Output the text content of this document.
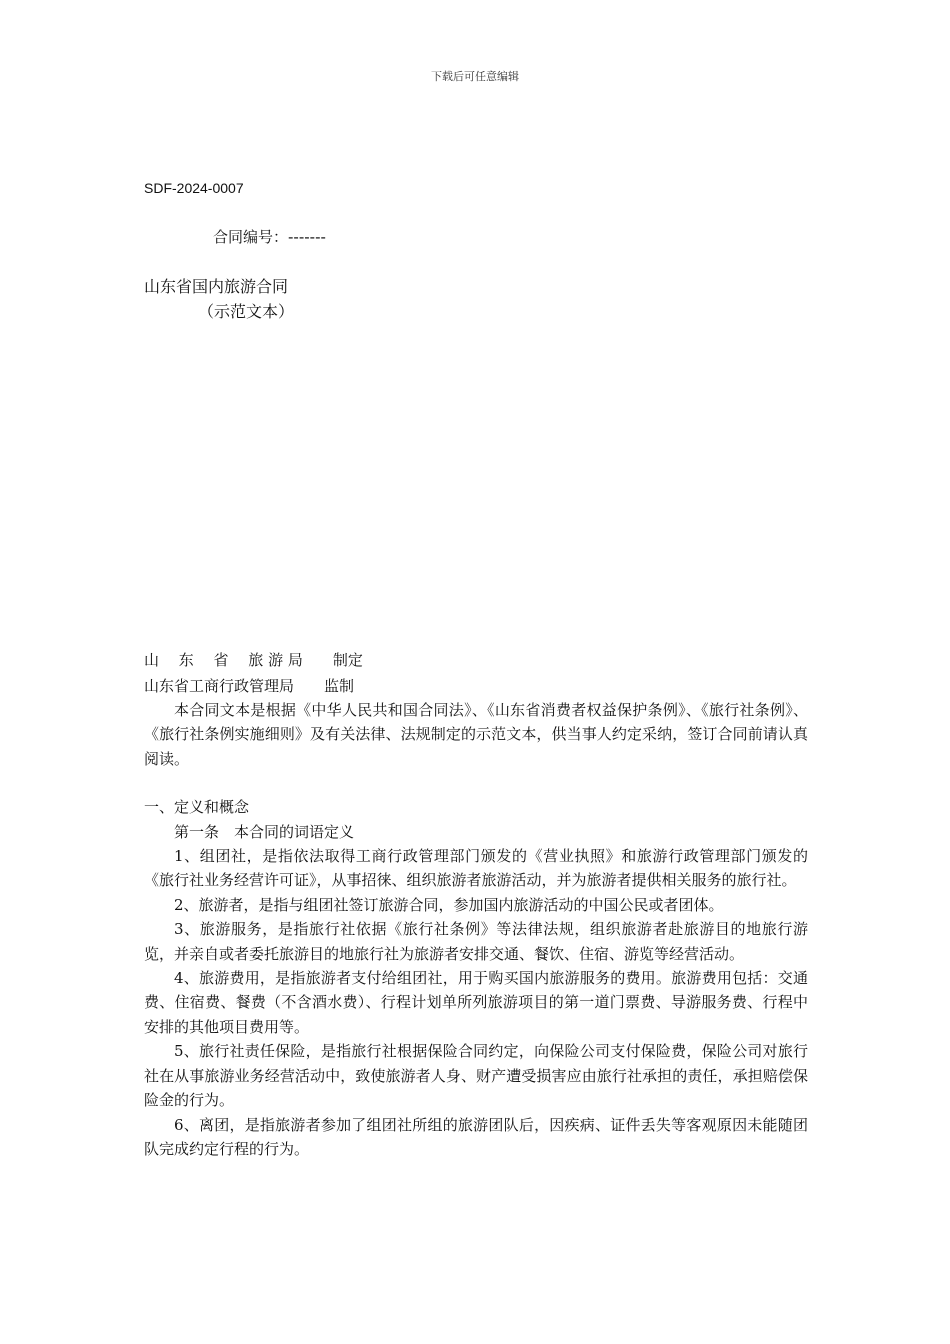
下载后可任意编辑
SDF-2024-0007
合同编号：-------
山东省国内旅游合同
（示范文本）
山　 东　 省　 旅 游 局　　制定
山东省工商行政管理局　　监制

本合同文本是根据《中华人民共和国合同法》、《山东省消费者权益保护条例》、《旅行社条例》、《旅行社条例实施细则》及有关法律、法规制定的示范文本，供当事人约定采纳，签订合同前请认真阅读。

一、定义和概念

第一条　本合同的词语定义

1、组团社，是指依法取得工商行政管理部门颁发的《营业执照》和旅游行政管理部门颁发的《旅行社业务经营许可证》，从事招徕、组织旅游者旅游活动，并为旅游者提供相关服务的旅行社。

2、旅游者，是指与组团社签订旅游合同，参加国内旅游活动的中国公民或者团体。

3、旅游服务，是指旅行社依据《旅行社条例》等法律法规，组织旅游者赴旅游目的地旅行游览，并亲自或者委托旅游目的地旅行社为旅游者安排交通、餐饮、住宿、游览等经营活动。

4、旅游费用，是指旅游者支付给组团社，用于购买国内旅游服务的费用。旅游费用包括：交通费、住宿费、餐费（不含酒水费）、行程计划单所列旅游项目的第一道门票费、导游服务费、行程中安排的其他项目费用等。

5、旅行社责任保险，是指旅行社根据保险合同约定，向保险公司支付保险费，保险公司对旅行社在从事旅游业务经营活动中，致使旅游者人身、财产遭受损害应由旅行社承担的责任，承担赔偿保险金的行为。

6、离团，是指旅游者参加了组团社所组的旅游团队后，因疾病、证件丢失等客观原因未能随团队完成约定行程的行为。
